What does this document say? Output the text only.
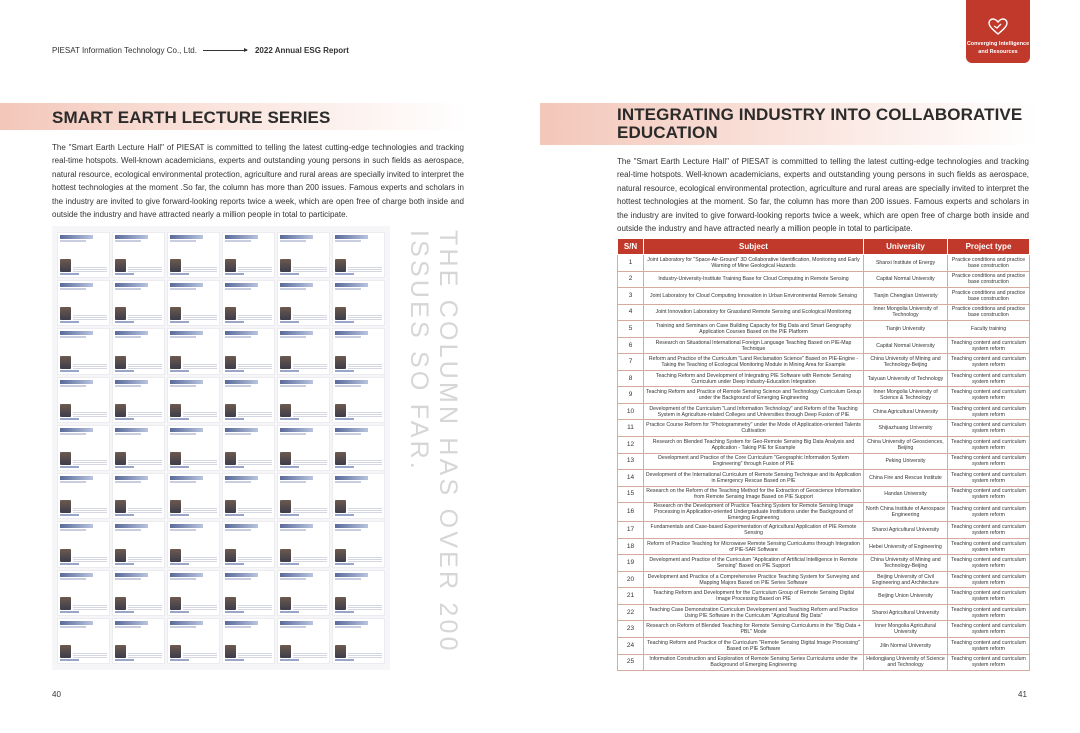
PIESAT Information Technology Co., Ltd.	2022 Annual ESG Report
Converging Intelligence
and Resources
SMART EARTH LECTURE SERIES
The "Smart Earth Lecture Hall" of PIESAT is committed to telling the latest cutting-edge technologies and tracking real-time hotspots. Well-known academicians, experts and outstanding young persons in such fields as aerospace, natural resource, ecological environmental protection, agriculture and rural areas are specially invited to interpret the hottest technologies at the moment .So far, the column has more than 200 issues. Famous experts and scholars in the industry are invited to give forward-looking reports twice a week, which are open free of charge both inside and outside the industry and have attracted nearly a million people in total to participate.
THE COLUMN HAS OVER 200 ISSUES SO FAR.
40
INTEGRATING INDUSTRY INTO COLLABORATIVE EDUCATION
The "Smart Earth Lecture Hall" of PIESAT is committed to telling the latest cutting-edge technologies and tracking real-time hotspots. Well-known academicians, experts and outstanding young persons in such fields as aerospace, natural resource, ecological environmental protection, agriculture and rural areas are specially invited to interpret the hottest technologies at the moment. So far, the column has more than 200 issues. Famous experts and scholars in the industry are invited to give forward-looking reports twice a week, which are open free of charge both inside and outside the industry and have attracted nearly a million people in total to participate.
S/N	Subject	University	Project type
1	Joint Laboratory for "Space-Air-Ground" 3D Collaborative Identification, Monitoring and Early Warning of Mine Geological Hazards	Shanxi Institute of Energy	Practice conditions and practice base construction
2	Industry-University-Institute Training Base for Cloud Computing in Remote Sensing	Capital Normal University	Practice conditions and practice base construction
3	Joint Laboratory for Cloud Computing Innovation in Urban Environmental Remote Sensing	Tianjin Chengjian University	Practice conditions and practice base construction
4	Joint Innovation Laboratory for Grassland Remote Sensing and Ecological Monitoring	Inner Mongolia University of Technology	Practice conditions and practice base construction
5	Training and Seminars on Case Building Capacity for Big Data and Smart Geography Application Courses Based on the PIE Platform	Tianjin University	Faculty training
6	Research on Situational International Foreign Language Teaching Based on PIE-Map Technique	Capital Normal University	Teaching content and curriculum system reform
7	Reform and Practice of the Curriculum "Land Reclamation Science" Based on PIE-Engine - Taking the Teaching of Ecological Monitoring Module in Mining Area for Example	China University of Mining and Technology-Beijing	Teaching content and curriculum system reform
8	Teaching Reform and Development of Integrating PIE Software with Remote Sensing Curriculum under Deep Industry-Education Integration	Taiyuan University of Technology	Teaching content and curriculum system reform
9	Teaching Reform and Practice of Remote Sensing Science and Technology Curriculum Group under the Background of Emerging Engineering	Inner Mongolia University of Science & Technology	Teaching content and curriculum system reform
10	Development of the Curriculum "Land Information Technology" and Reform of the Teaching System in Agriculture-related Colleges and Universities through Deep Fusion of PIE	China Agricultural University	Teaching content and curriculum system reform
11	Practice Course Reform for "Photogrammetry" under the Mode of Application-oriented Talents Cultivation	Shijiazhuang University	Teaching content and curriculum system reform
12	Research on Blended Teaching System for Geo-Remote Sensing Big Data Analysis and Application - Taking PIE for Example	China University of Geosciences, Beijing	Teaching content and curriculum system reform
13	Development and Practice of the Core Curriculum "Geographic Information System Engineering" through Fusion of PIE	Peking University	Teaching content and curriculum system reform
14	Development of the International Curriculum of Remote Sensing Technique and its Application in Emergency Rescue Based on PIE	China Fire and Rescue Institute	Teaching content and curriculum system reform
15	Research on the Reform of the Teaching Method for the Extraction of Geoscience Information from Remote Sensing Image Based on PIE Support	Handan University	Teaching content and curriculum system reform
16	Research on the Development of Practice Teaching System for Remote Sensing Image Processing in Application-oriented Undergraduate Institutions under the Background of Emerging Engineering	North China Institute of Aerospace Engineering	Teaching content and curriculum system reform
17	Fundamentals and Case-based Experimentation of Agricultural Application of PIE Remote Sensing	Shanxi Agricultural University	Teaching content and curriculum system reform
18	Reform of Practice Teaching for Microwave Remote Sensing Curriculums through Integration of PIE-SAR Software	Hebei University of Engineering	Teaching content and curriculum system reform
19	Development and Practice of the Curriculum "Application of Artificial Intelligence in Remote Sensing" Based on PIE Support	China University of Mining and Technology-Beijing	Teaching content and curriculum system reform
20	Development and Practice of a Comprehensive Practice Teaching System for Surveying and Mapping Majors Based on PIE Series Software	Beijing University of Civil Engineering and Architecture	Teaching content and curriculum system reform
21	Teaching Reform and Development for the Curriculum Group of Remote Sensing Digital Image Processing Based on PIE	Beijing Union University	Teaching content and curriculum system reform
22	Teaching Case Demonstration Curriculum Development and Teaching Reform and Practice Using PIE Software in the Curriculum "Agricultural Big Data"	Shanxi Agricultural University	Teaching content and curriculum system reform
23	Research on Reform of Blended Teaching for Remote Sensing Curriculums in the "Big Data + PBL" Mode	Inner Mongolia Agricultural University	Teaching content and curriculum system reform
24	Teaching Reform and Practice of the Curriculum "Remote Sensing Digital Image Processing" Based on PIE Software	Jilin Normal University	Teaching content and curriculum system reform
25	Information Construction and Exploration of Remote Sensing Series Curriculums under the Background of Emerging Engineering	Heilongjiang University of Science and Technology	Teaching content and curriculum system reform
41
